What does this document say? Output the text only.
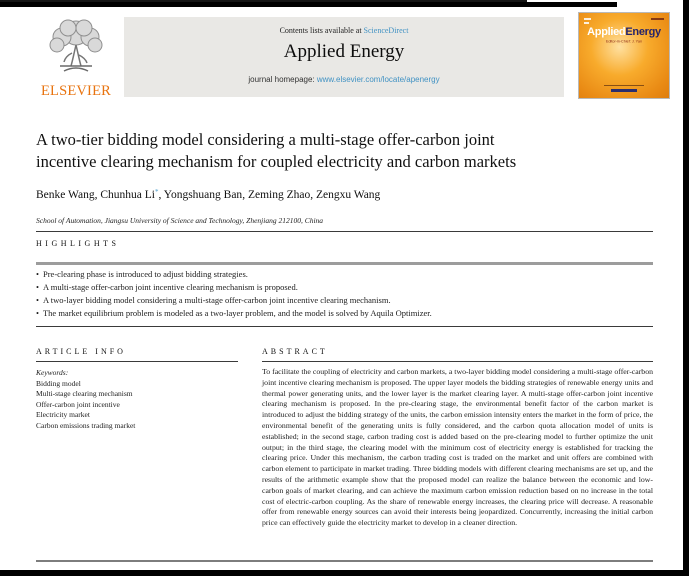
ELSEVIER
Contents lists available at ScienceDirect
Applied Energy
journal homepage: www.elsevier.com/locate/apenergy
AppliedEnergy
Editor-in-Chief: J. Yan
A two-tier bidding model considering a multi-stage offer-carbon joint
incentive clearing mechanism for coupled electricity and carbon markets
Benke Wang, Chunhua Li*, Yongshuang Ban, Zeming Zhao, Zengxu Wang
School of Automation, Jiangsu University of Science and Technology, Zhenjiang 212100, China
HIGHLIGHTS
• Pre-clearing phase is introduced to adjust bidding strategies.
• A multi-stage offer-carbon joint incentive clearing mechanism is proposed.
• A two-layer bidding model considering a multi-stage offer-carbon joint incentive clearing mechanism.
• The market equilibrium problem is modeled as a two-layer problem, and the model is solved by Aquila Optimizer.
ARTICLE INFO	ABSTRACT
Keywords:
Bidding model
Multi-stage clearing mechanism
Offer-carbon joint incentive
Electricity market
Carbon emissions trading market

To facilitate the coupling of electricity and carbon markets, a two-layer bidding model considering a multi-stage offer-carbon joint incentive clearing mechanism is proposed. The upper layer models the bidding strategies of renewable energy units and thermal power generating units, and the lower layer is the market clearing layer. A multi-stage offer-carbon joint incentive clearing mechanism is proposed. In the pre-clearing stage, the environmental benefit factor of the carbon market is introduced to adjust the bidding strategy of the units, the carbon emission intensity enters the market in the form of price, the environmental benefit of the generating units is fully considered, and the carbon quota allocation model of units is established; in the second stage, carbon trading cost is added based on the pre-clearing model to further optimize the unit output; in the third stage, the clearing model with the minimum cost of electricity energy is established for tracking the clearing price. Under this mechanism, the carbon trading cost is traded on the market and unit offers are combined with carbon element to participate in market trading. Three bidding models with different clearing mechanisms are set up, and the results of the arithmetic example show that the proposed model can realize the balance between the economic and low-carbon goals of market clearing, and can achieve the maximum carbon emission reduction based on no increase in the total cost of electric-carbon coupling. As the share of renewable energy increases, the clearing price will decrease. A reasonable offer from renewable energy sources can avoid their interests being jeopardized. Concurrently, increasing the initial carbon price can effectively guide the electricity market to develop in a cleaner direction.
